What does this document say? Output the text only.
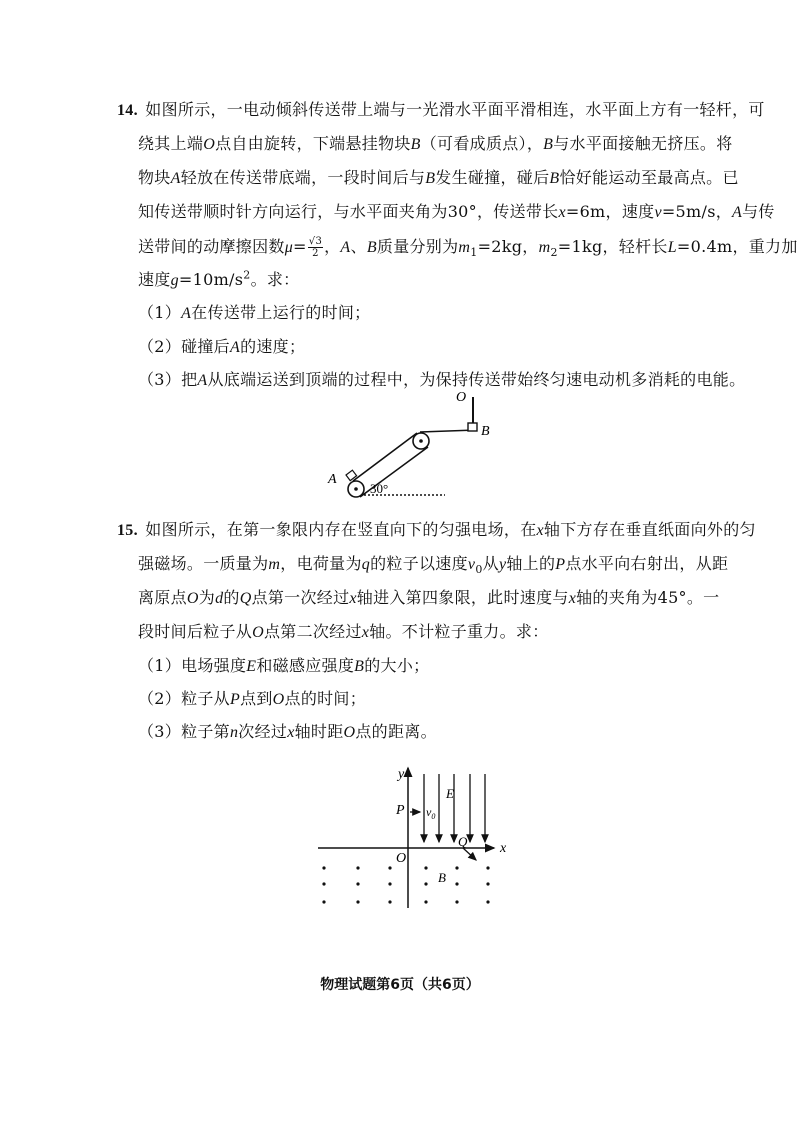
14. 如图所示，一电动倾斜传送带上端与一光滑水平面平滑相连，水平面上方有一轻杆，可
绕其上端O点自由旋转，下端悬挂物块B（可看成质点），B与水平面接触无挤压。将
物块A轻放在传送带底端，一段时间后与B发生碰撞，碰后B恰好能运动至最高点。已
知传送带顺时针方向运行，与水平面夹角为30°，传送带长x=6m，速度v=5m/s，A与传
送带间的动摩擦因数$\mu= \frac{√3}{2}$ ，A、B质量分别为$m_1=2kg$，$m_2=1kg$，轻杆长L=0.4m，重力加
速度$g=10m/s^2$。求：
（1）A在传送带上运行的时间；
（2）碰撞后A的速度；
（3）把A从底端运送到顶端的过程中，为保持传送带始终匀速电动机多消耗的电能。
O
B
A
30°
15. 如图所示，在第一象限内存在竖直向下的匀强电场，在x轴下方存在垂直纸面向外的匀
强磁场。一质量为m，电荷量为q的粒子以速度$v_0$从y轴上的P点水平向右射出，从距
离原点O为d的Q点第一次经过x轴进入第四象限，此时速度与x轴的夹角为45°。一
段时间后粒子从O点第二次经过x轴。不计粒子重力。求：
（1）电场强度E和磁感应强度B的大小；
（2）粒子从P点到O点的时间；
（3）粒子第n次经过x轴时距O点的距离。
y
x
O
E
P $v_0$
Q
B
物理试题第6页（共6页）
